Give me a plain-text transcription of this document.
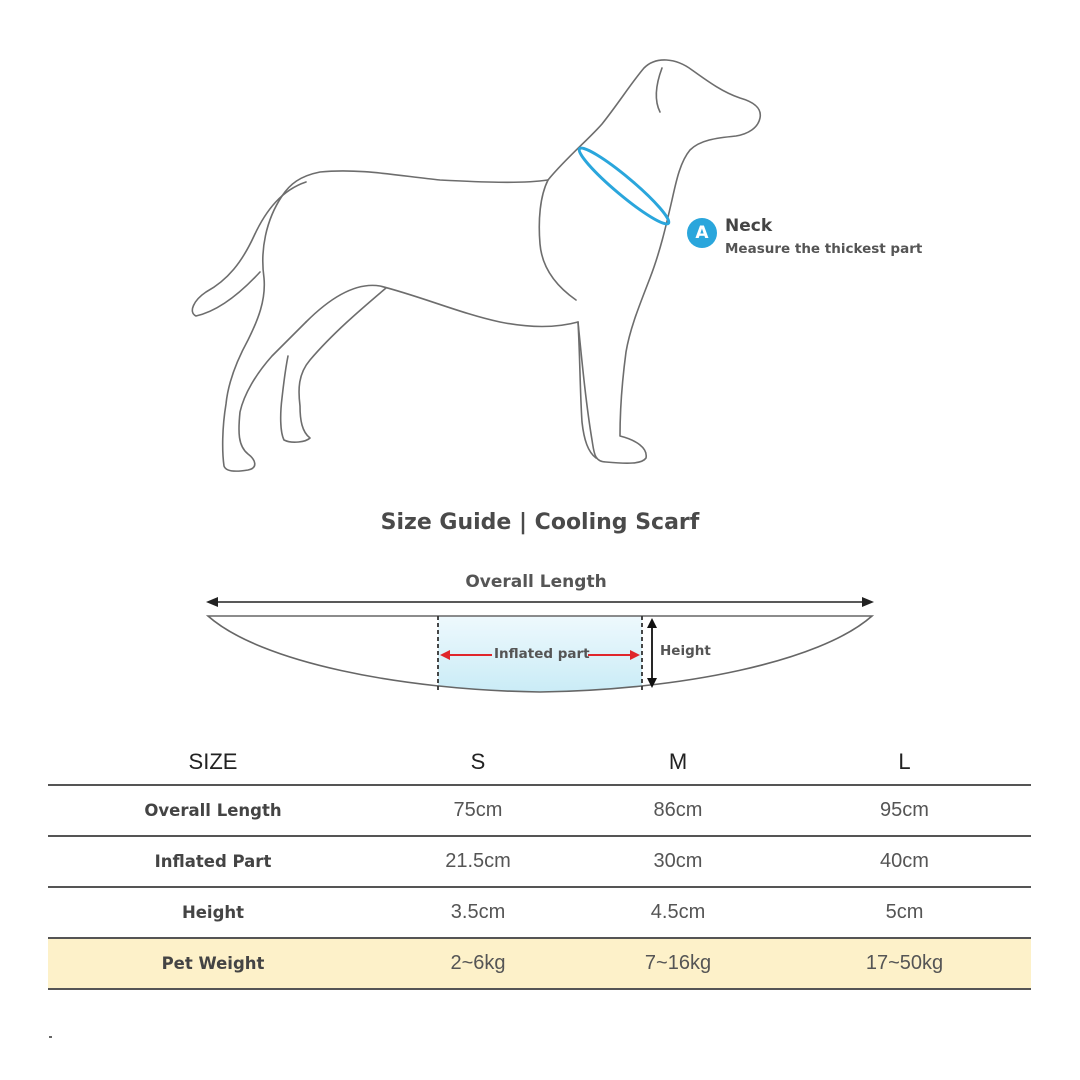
A Neck
Measure the thickest part
Size Guide | Cooling Scarf
Overall Length
Inflated part	Height
SIZE	S	M	L
Overall Length	75cm	86cm	95cm
Inflated Part	21.5cm	30cm	40cm
Height	3.5cm	4.5cm	5cm
Pet Weight	2~6kg	7~16kg	17~50kg
